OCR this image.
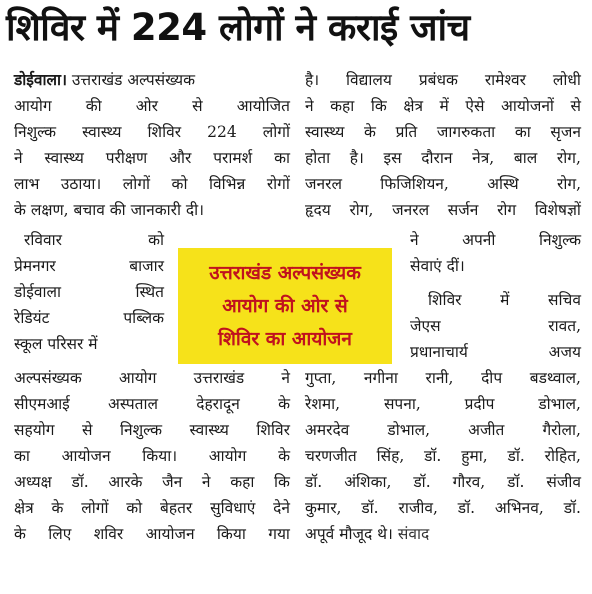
शिविर में 224 लोगों ने कराई जांच
डोईवाला। उत्तराखंड अल्पसंख्यक
आयोग की ओर से आयोजित
निशुल्क स्वास्थ्य शिविर 224 लोगों
ने स्वास्थ्य परीक्षण और परामर्श का
लाभ उठाया। लोगों को विभिन्न रोगों
के लक्षण, बचाव की जानकारी दी।
रविवार	को
प्रेमनगर	बाजार
डोईवाला	स्थित
रेडियंट	पब्लिक
स्कूल परिसर में
अल्पसंख्यक आयोग उत्तराखंड ने
सीएमआई अस्पताल देहरादून के
सहयोग से निशुल्क स्वास्थ्य शिविर
का आयोजन किया। आयोग के
अध्यक्ष डॉ. आरके जैन ने कहा कि
क्षेत्र के लोगों को बेहतर सुविधाएं देने
के लिए शविर आयोजन किया गया
उत्तराखंड अल्पसंख्यक
आयोग की ओर से
शिविर का आयोजन
है। विद्यालय प्रबंधक रामेश्वर लोधी
ने कहा कि क्षेत्र में ऐसे आयोजनों से
स्वास्थ्य के प्रति जागरुकता का सृजन
होता है। इस दौरान नेत्र, बाल रोग,
जनरल फिजिशियन, अस्थि रोग,
हृदय रोग, जनरल सर्जन रोग विशेषज्ञों
ने	अपनी	निशुल्क
सेवाएं दीं।
शिविर में सचिव
जेएस	रावत,
प्रधानाचार्य	अजय
गुप्ता, नगीना रानी, दीप बडथ्वाल,
रेशमा,	सपना,	प्रदीप	डोभाल,
अमरदेव डोभाल, अजीत गैरोला,
चरणजीत सिंह, डॉ. हुमा, डॉ. रोहित,
डॉ. अंशिका, डॉ. गौरव, डॉ. संजीव
कुमार, डॉ. राजीव, डॉ. अभिनव, डॉ.
अपूर्व मौजूद थे। संवाद
